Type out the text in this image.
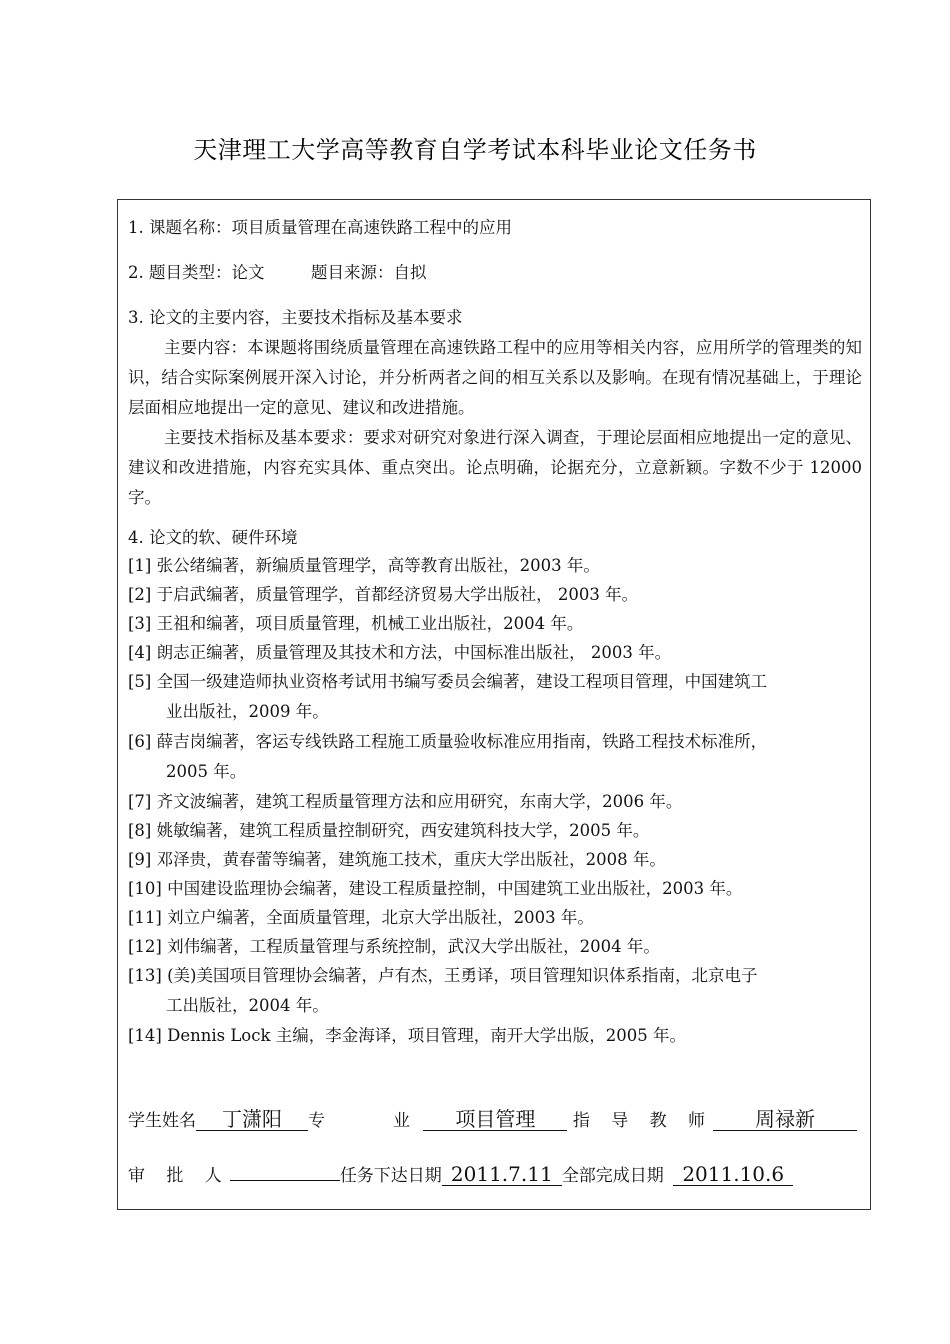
天津理工大学高等教育自学考试本科毕业论文任务书
1. 课题名称：项目质量管理在高速铁路工程中的应用
2. 题目类型：论文	题目来源：自拟
3. 论文的主要内容，主要技术指标及基本要求
主要内容：本课题将围绕质量管理在高速铁路工程中的应用等相关内容，应用所学的管理类的知识，结合实际案例展开深入讨论，并分析两者之间的相互关系以及影响。在现有情况基础上，于理论层面相应地提出一定的意见、建议和改进措施。
主要技术指标及基本要求：要求对研究对象进行深入调查，于理论层面相应地提出一定的意见、建议和改进措施，内容充实具体、重点突出。论点明确，论据充分，立意新颖。字数不少于 12000 字。
4. 论文的软、硬件环境
[1] 张公绪编著，新编质量管理学，高等教育出版社，2003 年。
[2] 于启武编著，质量管理学，首都经济贸易大学出版社， 2003 年。
[3] 王祖和编著，项目质量管理，机械工业出版社，2004 年。
[4] 朗志正编著，质量管理及其技术和方法，中国标准出版社， 2003 年。
[5] 全国一级建造师执业资格考试用书编写委员会编著，建设工程项目管理，中国建筑工
业出版社，2009 年。
[6] 薛吉岗编著，客运专线铁路工程施工质量验收标准应用指南，铁路工程技术标准所，
2005 年。
[7] 齐文波编著，建筑工程质量管理方法和应用研究，东南大学，2006 年。
[8] 姚敏编著，建筑工程质量控制研究，西安建筑科技大学，2005 年。
[9] 邓泽贵，黄春蕾等编著，建筑施工技术，重庆大学出版社，2008 年。
[10] 中国建设监理协会编著，建设工程质量控制，中国建筑工业出版社，2003 年。
[11] 刘立户编著，全面质量管理，北京大学出版社，2003 年。
[12] 刘伟编著，工程质量管理与系统控制，武汉大学出版社，2004 年。
[13] (美)美国项目管理协会编著，卢有杰，王勇译，项目管理知识体系指南，北京电子
工出版社，2004 年。
[14] Dennis Lock 主编，李金海译，项目管理，南开大学出版，2005 年。
学生姓名 丁潇阳 专	业 项目管理 指 导 教 师 周禄新
审 批 人	任务下达日期 2011.7.11 全部完成日期 2011.10.6
